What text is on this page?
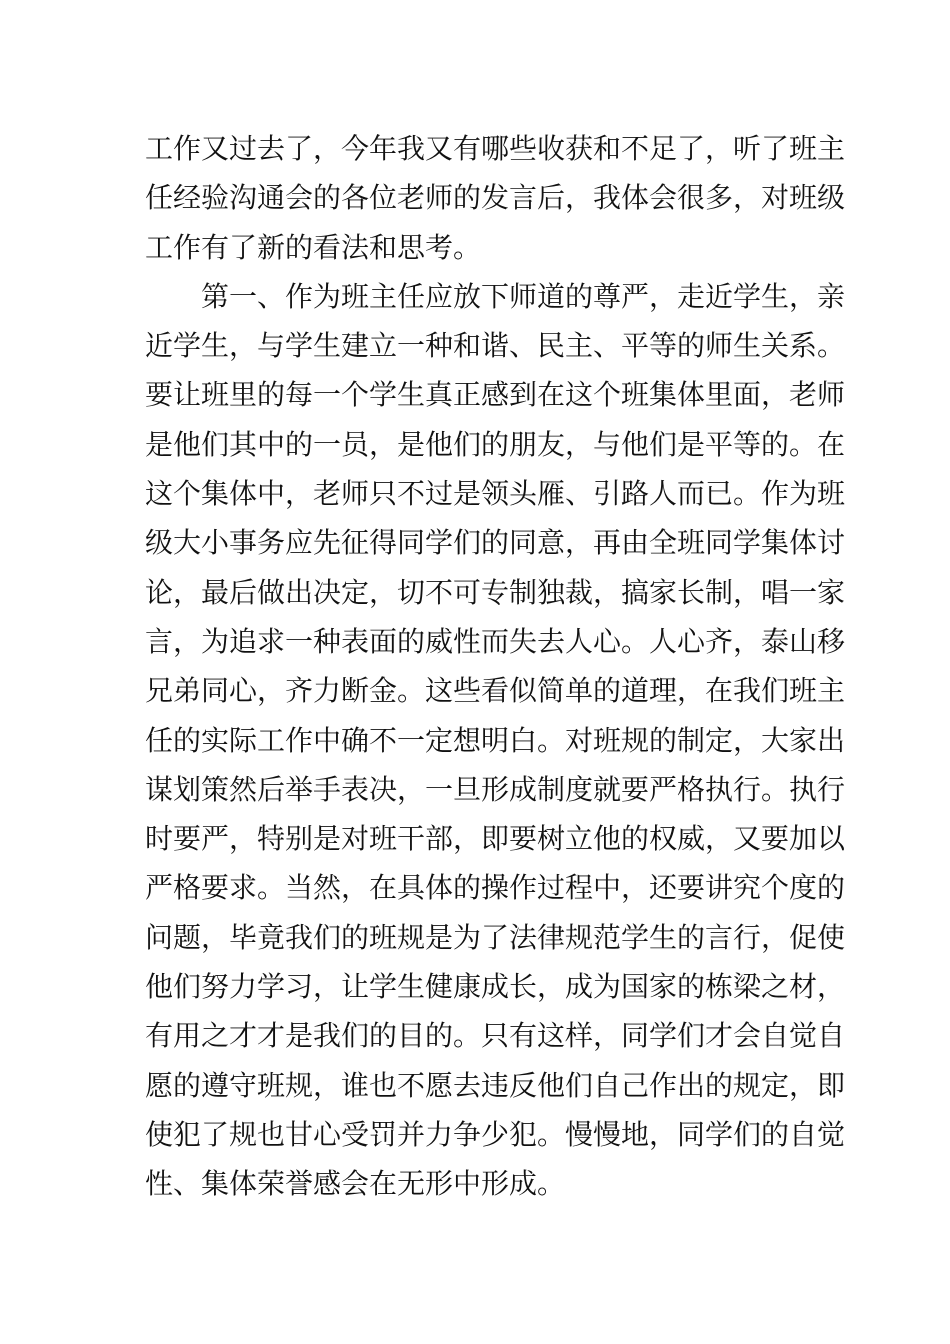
工作又过去了，今年我又有哪些收获和不足了，听了班主
任经验沟通会的各位老师的发言后，我体会很多，对班级
工作有了新的看法和思考。
第一、作为班主任应放下师道的尊严，走近学生，亲
近学生，与学生建立一种和谐、民主、平等的师生关系。
要让班里的每一个学生真正感到在这个班集体里面，老师
是他们其中的一员，是他们的朋友，与他们是平等的。在
这个集体中，老师只不过是领头雁、引路人而已。作为班
级大小事务应先征得同学们的同意，再由全班同学集体讨
论，最后做出决定，切不可专制独裁，搞家长制，唱一家
言，为追求一种表面的威性而失去人心。人心齐，泰山移
兄弟同心，齐力断金。这些看似简单的道理，在我们班主
任的实际工作中确不一定想明白。对班规的制定，大家出
谋划策然后举手表决，一旦形成制度就要严格执行。执行
时要严，特别是对班干部，即要树立他的权威，又要加以
严格要求。当然，在具体的操作过程中，还要讲究个度的
问题，毕竟我们的班规是为了法律规范学生的言行，促使
他们努力学习，让学生健康成长，成为国家的栋梁之材，
有用之才才是我们的目的。只有这样，同学们才会自觉自
愿的遵守班规，谁也不愿去违反他们自己作出的规定，即
使犯了规也甘心受罚并力争少犯。慢慢地，同学们的自觉
性、集体荣誉感会在无形中形成。
